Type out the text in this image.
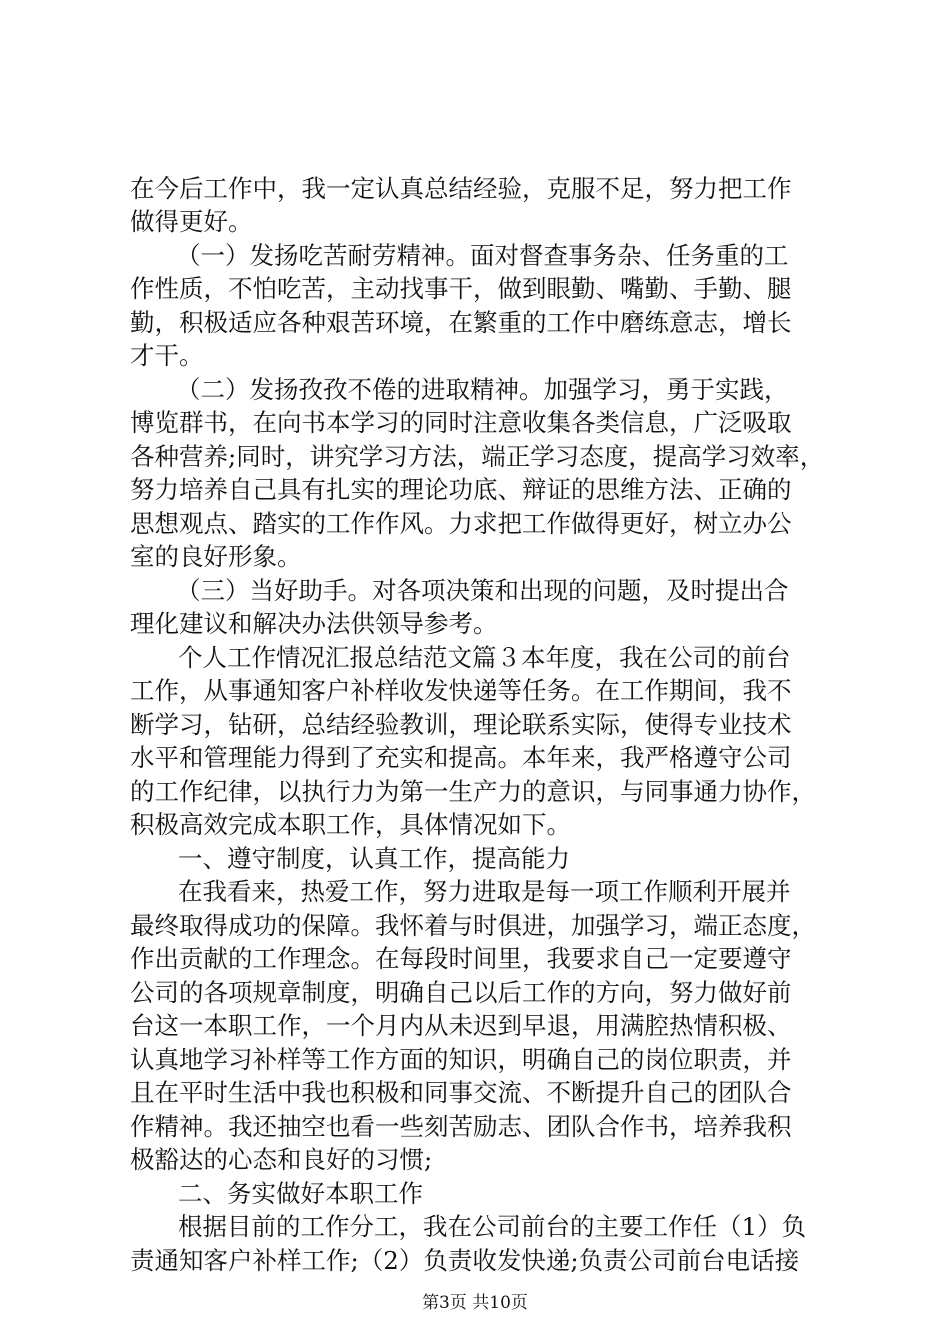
在今后工作中，我一定认真总结经验，克服不足，努力把工作
做得更好。
（一）发扬吃苦耐劳精神。面对督查事务杂、任务重的工
作性质，不怕吃苦，主动找事干，做到眼勤、嘴勤、手勤、腿
勤，积极适应各种艰苦环境，在繁重的工作中磨练意志，增长
才干。
（二）发扬孜孜不倦的进取精神。加强学习，勇于实践，
博览群书，在向书本学习的同时注意收集各类信息，广泛吸取
各种营养;同时，讲究学习方法，端正学习态度，提高学习效率，
努力培养自己具有扎实的理论功底、辩证的思维方法、正确的
思想观点、踏实的工作作风。力求把工作做得更好，树立办公
室的良好形象。
（三）当好助手。对各项决策和出现的问题，及时提出合
理化建议和解决办法供领导参考。
个人工作情况汇报总结范文篇３本年度，我在公司的前台
工作，从事通知客户补样收发快递等任务。在工作期间，我不
断学习，钻研，总结经验教训，理论联系实际，使得专业技术
水平和管理能力得到了充实和提高。本年来，我严格遵守公司
的工作纪律，以执行力为第一生产力的意识，与同事通力协作，
积极高效完成本职工作，具体情况如下。
一、遵守制度，认真工作，提高能力
在我看来，热爱工作，努力进取是每一项工作顺利开展并
最终取得成功的保障。我怀着与时俱进，加强学习，端正态度，
作出贡献的工作理念。在每段时间里，我要求自己一定要遵守
公司的各项规章制度，明确自己以后工作的方向，努力做好前
台这一本职工作，一个月内从未迟到早退，用满腔热情积极、
认真地学习补样等工作方面的知识，明确自己的岗位职责，并
且在平时生活中我也积极和同事交流、不断提升自己的团队合
作精神。我还抽空也看一些刻苦励志、团队合作书，培养我积
极豁达的心态和良好的习惯;
二、务实做好本职工作
根据目前的工作分工，我在公司前台的主要工作任（1）负
责通知客户补样工作;（2）负责收发快递;负责公司前台电话接
第3页 共10页
